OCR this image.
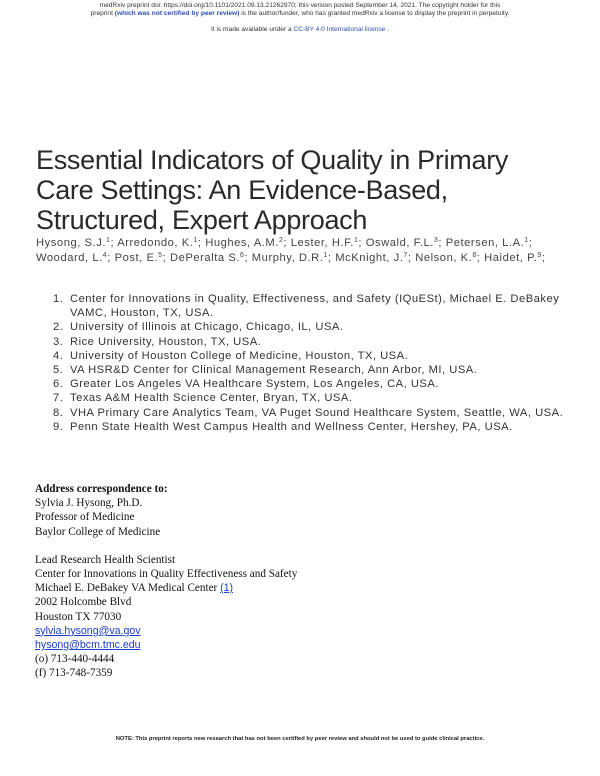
medRxiv preprint doi: https://doi.org/10.1101/2021.09.13.21262970; this version posted September 14, 2021. The copyright holder for this
preprint (which was not certified by peer review) is the author/funder, who has granted medRxiv a license to display the preprint in perpetuity.
It is made available under a CC-BY 4.0 International license .
Essential Indicators of Quality in Primary
Care Settings: An Evidence-Based,
Structured, Expert Approach
Hysong, S.J.$^1$; Arredondo, K.$^1$; Hughes, A.M.$^2$; Lester, H.F.$^1$; Oswald, F.L.$^3$; Petersen, L.A.$^1$; Woodard, L.$^4$; Post, E.$^5$; DePeralta S.$^6$; Murphy, D.R.$^1$; McKnight, J.$^7$; Nelson, K.$^8$; Haidet, P.$^9$;
1. Center for Innovations in Quality, Effectiveness, and Safety (IQuESt), Michael E. DeBakey VAMC, Houston, TX, USA.
2. University of Illinois at Chicago, Chicago, IL, USA.
3. Rice University, Houston, TX, USA.
4. University of Houston College of Medicine, Houston, TX, USA.
5. VA HSR&D Center for Clinical Management Research, Ann Arbor, MI, USA.
6. Greater Los Angeles VA Healthcare System, Los Angeles, CA, USA.
7. Texas A&M Health Science Center, Bryan, TX, USA.
8. VHA Primary Care Analytics Team, VA Puget Sound Healthcare System, Seattle, WA, USA.
9. Penn State Health West Campus Health and Wellness Center, Hershey, PA, USA.
Address correspondence to:
Sylvia J. Hysong, Ph.D.
Professor of Medicine
Baylor College of Medicine
Lead Research Health Scientist
Center for Innovations in Quality Effectiveness and Safety
Michael E. DeBakey VA Medical Center (1)
2002 Holcombe Blvd
Houston TX 77030
sylvia.hysong@va.gov
hysong@bcm.tmc.edu
(o) 713-440-4444
(f) 713-748-7359
NOTE: This preprint reports new research that has not been certified by peer review and should not be used to guide clinical practice.
